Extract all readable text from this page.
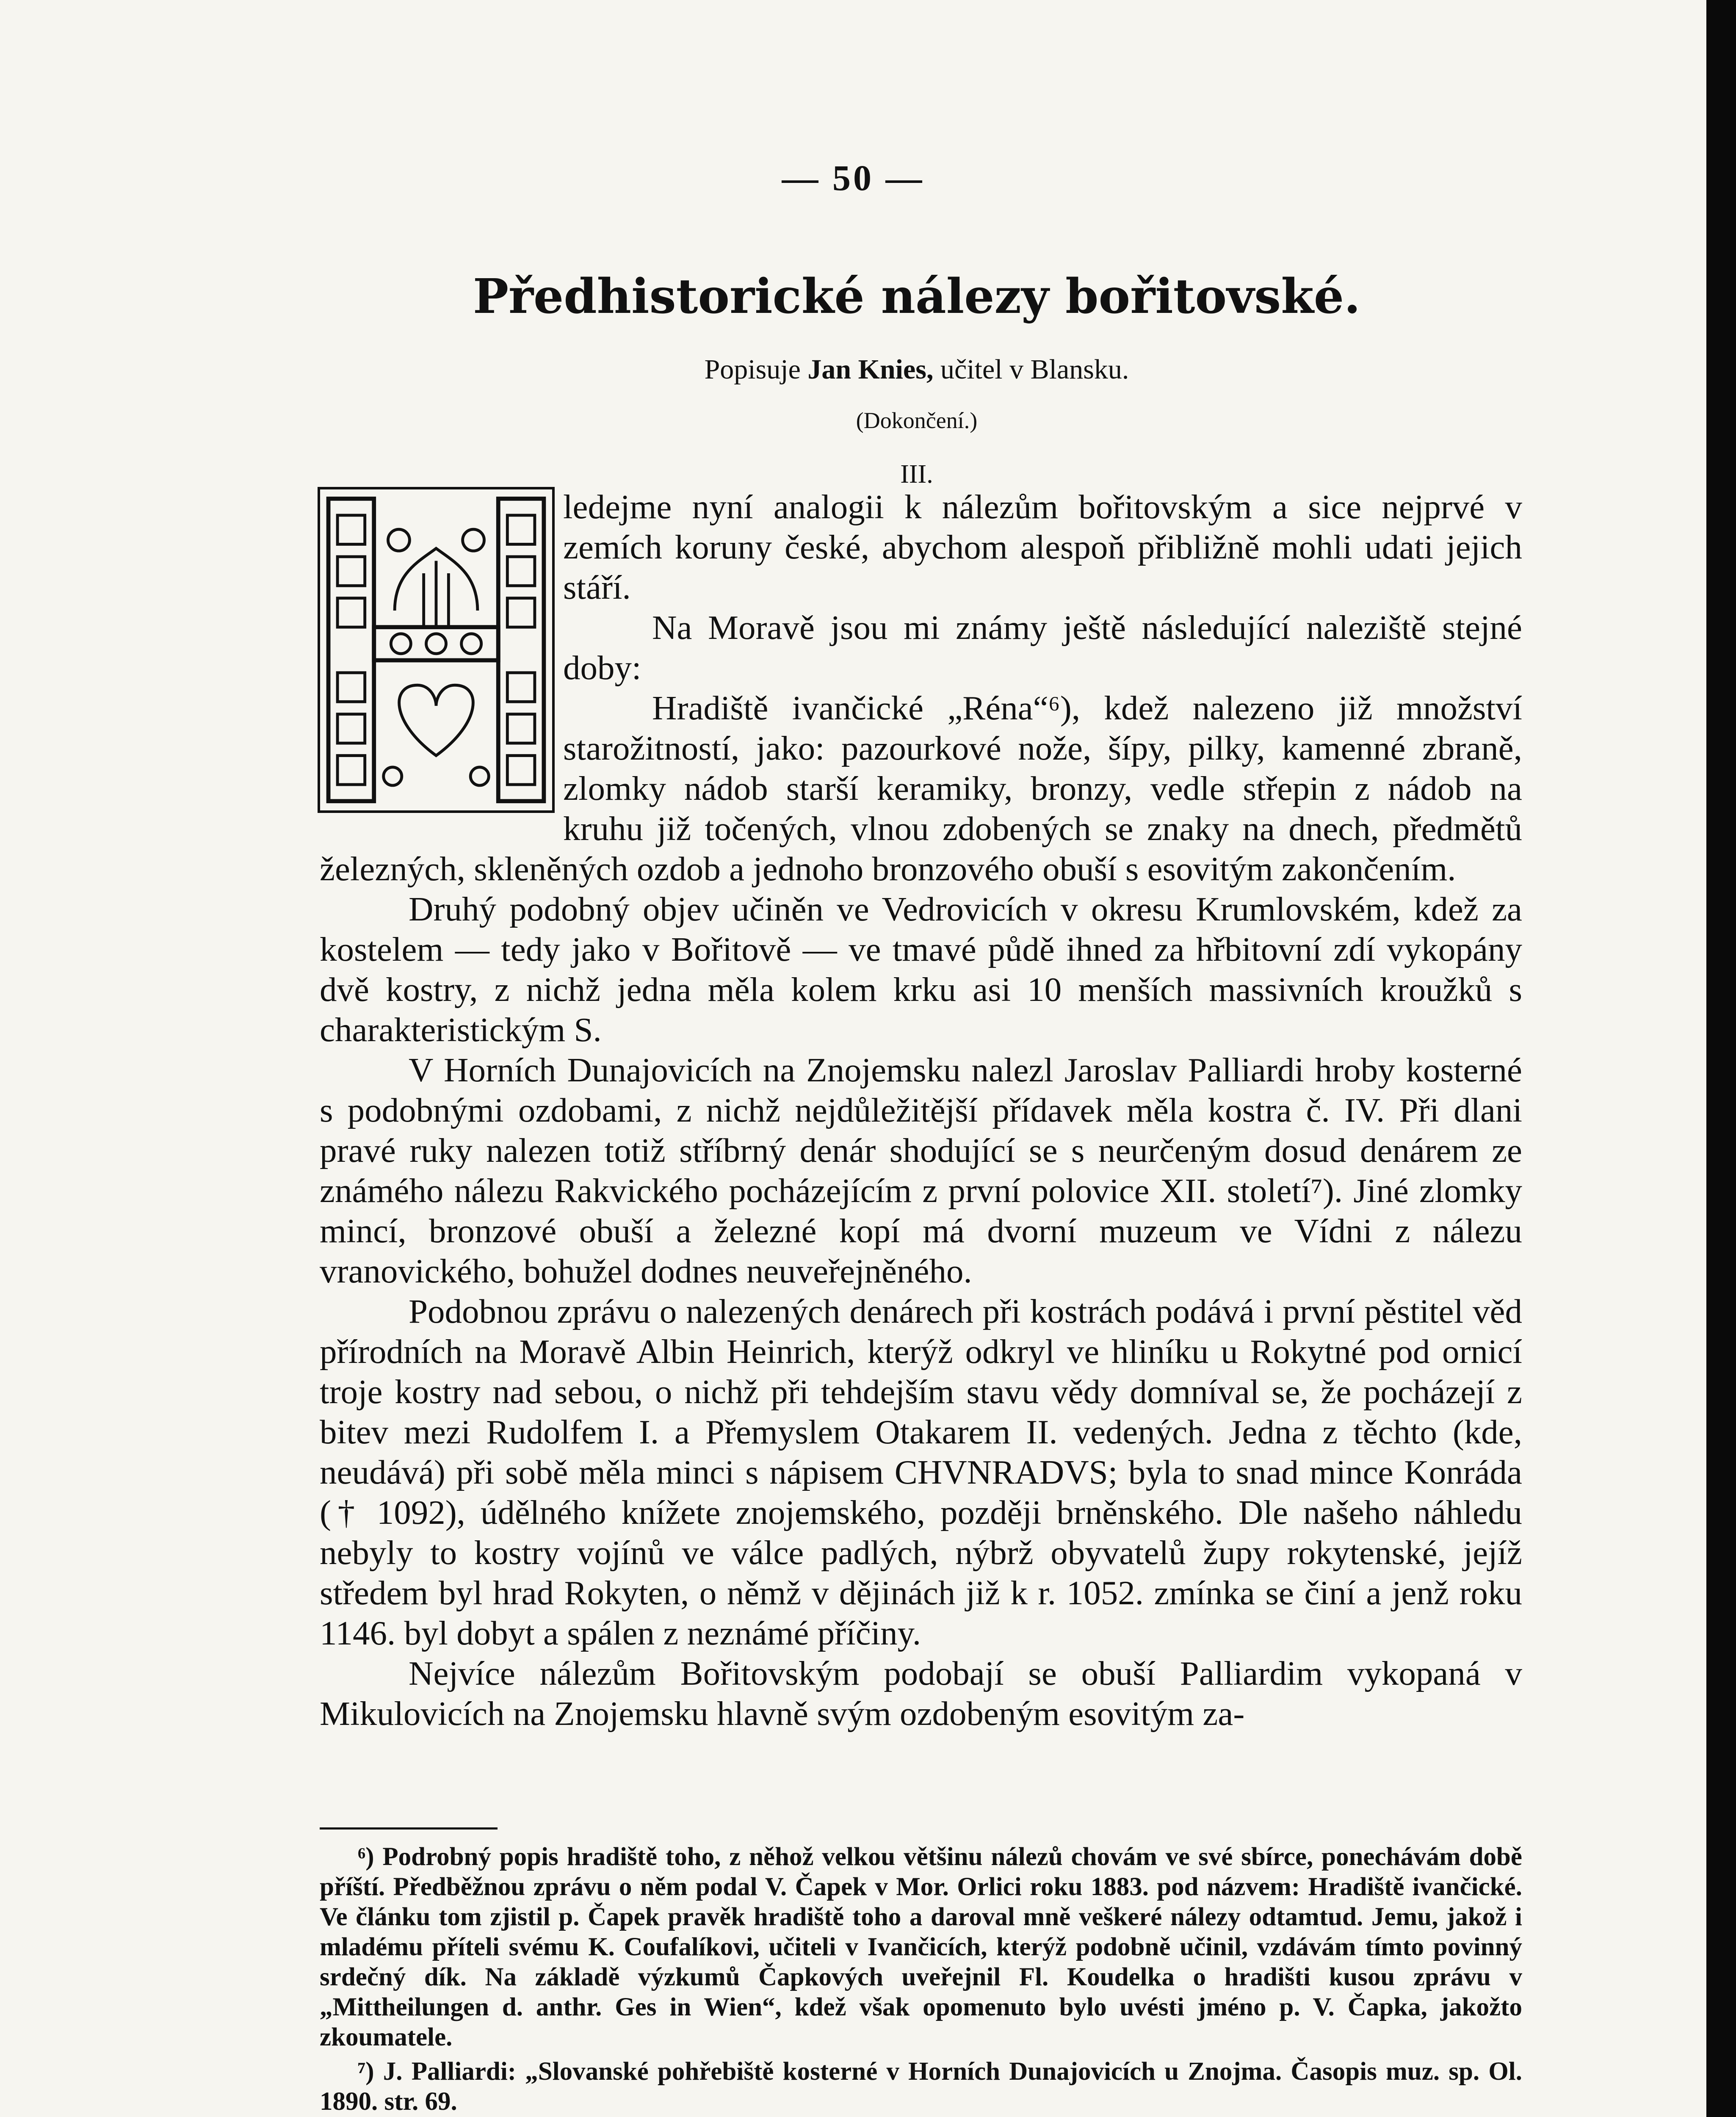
— 50 —
Předhistorické nálezy bořitovské.
Popisuje Jan Knies, učitel v Blansku.
(Dokončení.)
III.

ledejme nyní analogii k nálezům bořitovským a sice nejprvé v zemích koruny české, abychom alespoň přibližně mohli udati jejich stáří.

Na Moravě jsou mi známy ještě následující naleziště stejné doby:

Hradiště ivančické „Réna“⁶), kdež nalezeno již množství starožitností, jako: pazourkové nože, šípy, pilky, kamenné zbraně, zlomky nádob starší keramiky, bronzy, vedle střepin z nádob na kruhu již točených, vlnou zdobených se znaky na dnech, předmětů železných, skleněných ozdob a jednoho bronzového obuší s esovitým zakončením.

Druhý podobný objev učiněn ve Vedrovicích v okresu Krumlovském, kdež za kostelem — tedy jako v Bořitově — ve tmavé půdě ihned za hřbitovní zdí vykopány dvě kostry, z nichž jedna měla kolem krku asi 10 menších massivních kroužků s charakteristickým S.

V Horních Dunajovicích na Znojemsku nalezl Jaroslav Palliardi hroby kosterné s podobnými ozdobami, z nichž nejdůležitější přídavek měla kostra č. IV. Při dlani pravé ruky nalezen totiž stříbrný denár shodující se s neurčeným dosud denárem ze známého nálezu Rakvického pocházejícím z první polovice XII. století⁷). Jiné zlomky mincí, bronzové obuší a železné kopí má dvorní muzeum ve Vídni z nálezu vranovického, bohužel dodnes neuveřejněného.

Podobnou zprávu o nalezených denárech při kostrách podává i první pěstitel věd přírodních na Moravě Albin Heinrich, kterýž odkryl ve hliníku u Rokytné pod ornicí troje kostry nad sebou, o nichž při tehdejším stavu vědy domníval se, že pocházejí z bitev mezi Rudolfem I. a Přemyslem Otakarem II. vedených. Jedna z těchto (kde, neudává) při sobě měla minci s nápisem CHVNRADVS; byla to snad mince Konráda († 1092), údělného knížete znojemského, později brněnského. Dle našeho náhledu nebyly to kostry vojínů ve válce padlých, nýbrž obyvatelů župy rokytenské, jejíž středem byl hrad Rokyten, o němž v dějinách již k r. 1052. zmínka se činí a jenž roku 1146. byl dobyt a spálen z neznámé příčiny.

Nejvíce nálezům Bořitovským podobají se obuší Palliardim vykopaná v Mikulovicích na Znojemsku hlavně svým ozdobeným esovitým za-

⁶) Podrobný popis hradiště toho, z něhož velkou většinu nálezů chovám ve své sbírce, ponechávám době příští. Předběžnou zprávu o něm podal V. Čapek v Mor. Orlici roku 1883. pod názvem: Hradiště ivančické. Ve článku tom zjistil p. Čapek pravěk hradiště toho a daroval mně veškeré nálezy odtamtud. Jemu, jakož i mladému příteli svému K. Coufalíkovi, učiteli v Ivančicích, kterýž podobně učinil, vzdávám tímto povinný srdečný dík. Na základě výzkumů Čapkových uveřejnil Fl. Koudelka o hradišti kusou zprávu v „Mittheilungen d. anthr. Ges in Wien“, kdež však opomenuto bylo uvésti jméno p. V. Čapka, jakožto zkoumatele.

⁷) J. Palliardi: „Slovanské pohřebiště kosterné v Horních Dunajovicích u Znojma. Časopis muz. sp. Ol. 1890. str. 69.
